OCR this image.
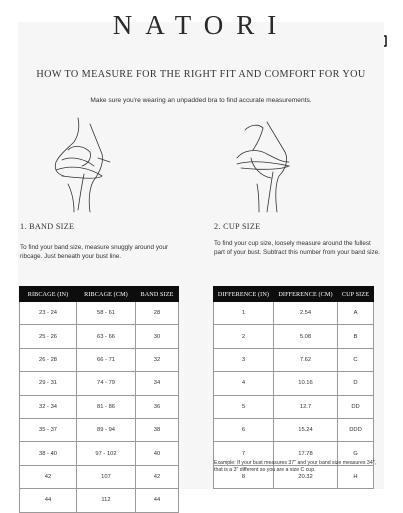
NATORI
HOW TO MEASURE FOR THE RIGHT FIT AND COMFORT FOR YOU
Make sure you're wearing an unpadded bra to find accurate measurements.
1. BAND SIZE
To find your band size, measure snuggly around your ribcage. Just beneath your bust line.
2. CUP SIZE
To find your cup size, loosely measure around the fullest part of your bust. Subtract this number from your band size.
RIBCAGE (IN)	RIBCAGE (CM)	BAND SIZE
23 - 24	58 - 61	28
25 - 26	63 - 66	30
26 - 28	66 - 71	32
29 - 31	74 - 79	34
32 - 34	81 - 86	36
35 - 37	89 - 94	38
38 - 40	97 - 102	40
42	107	42
44	112	44
DIFFERENCE (IN)	DIFFERENCE (CM)	CUP SIZE
1	2.54	A
2	5.08	B
3	7.62	C
4	10.16	D
5	12.7	DD
6	15.24	DDD
7	17.78	G
8	20.32	H
Example: If your bust measures 37" and your band size measures 34", that is a 3" different so you are a size C cup.
